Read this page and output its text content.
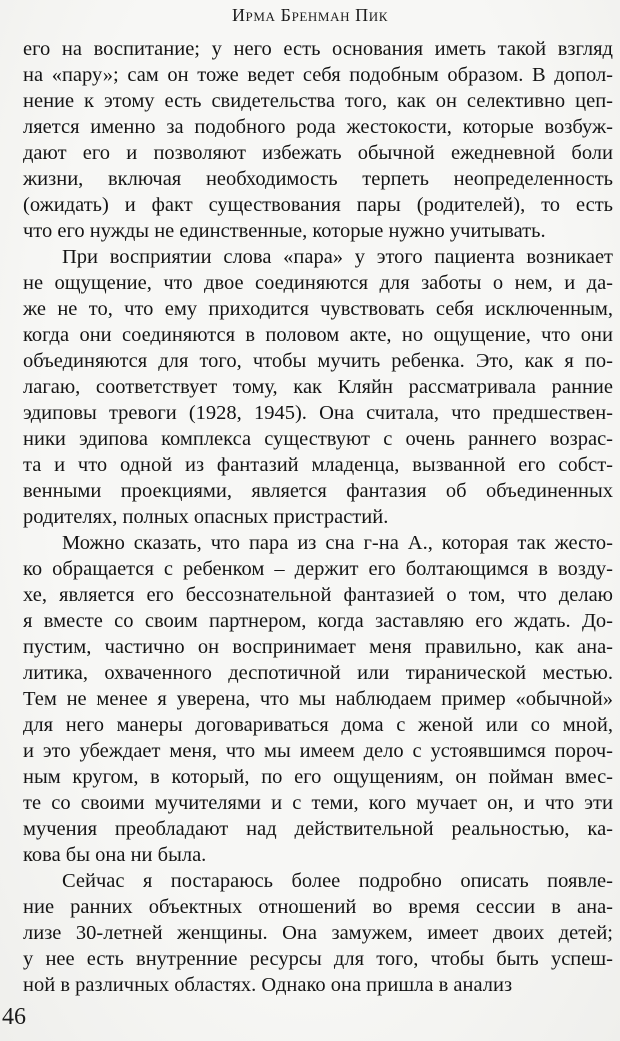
Ирма Бренман Пик
его на воспитание; у него есть основания иметь такой взгляд
на «пару»; сам он тоже ведет себя подобным образом. В допол-
нение к этому есть свидетельства того, как он селективно цеп-
ляется именно за подобного рода жестокости, которые возбуж-
дают его и позволяют избежать обычной ежедневной боли
жизни, включая необходимость терпеть неопределенность
(ожидать) и факт существования пары (родителей), то есть
что его нужды не единственные, которые нужно учитывать.
При восприятии слова «пара» у этого пациента возникает
не ощущение, что двое соединяются для заботы о нем, и да-
же не то, что ему приходится чувствовать себя исключенным,
когда они соединяются в половом акте, но ощущение, что они
объединяются для того, чтобы мучить ребенка. Это, как я по-
лагаю, соответствует тому, как Кляйн рассматривала ранние
эдиповы тревоги (1928, 1945). Она считала, что предшествен-
ники эдипова комплекса существуют с очень раннего возрас-
та и что одной из фантазий младенца, вызванной его собст-
венными проекциями, является фантазия об объединенных
родителях, полных опасных пристрастий.
Можно сказать, что пара из сна г-на А., которая так жесто-
ко обращается с ребенком – держит его болтающимся в возду-
хе, является его бессознательной фантазией о том, что делаю
я вместе со своим партнером, когда заставляю его ждать. До-
пустим, частично он воспринимает меня правильно, как ана-
литика, охваченного деспотичной или тиранической местью.
Тем не менее я уверена, что мы наблюдаем пример «обычной»
для него манеры договариваться дома с женой или со мной,
и это убеждает меня, что мы имеем дело с устоявшимся пороч-
ным кругом, в который, по его ощущениям, он пойман вмес-
те со своими мучителями и с теми, кого мучает он, и что эти
мучения преобладают над действительной реальностью, ка-
кова бы она ни была.
Сейчас я постараюсь более подробно описать появле-
ние ранних объектных отношений во время сессии в ана-
лизе 30-летней женщины. Она замужем, имеет двоих детей;
у нее есть внутренние ресурсы для того, чтобы быть успеш-
ной в различных областях. Однако она пришла в анализ
46
